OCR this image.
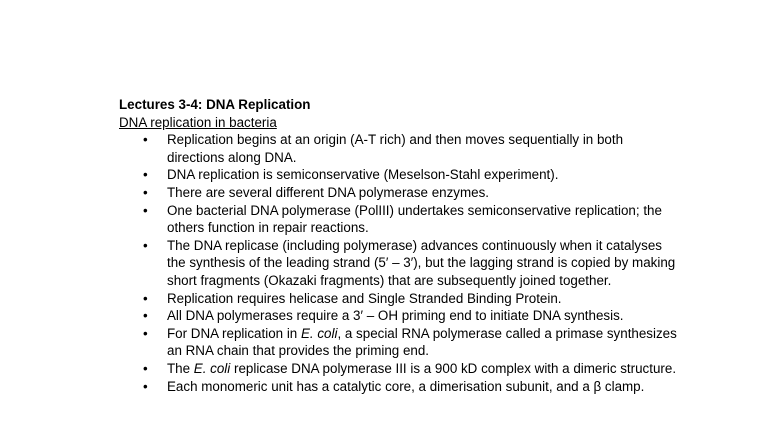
Lectures 3-4: DNA Replication
DNA replication in bacteria
•	Replication begins at an origin (A-T rich) and then moves sequentially in both directions along DNA.
•	DNA replication is semiconservative (Meselson-Stahl experiment).
•	There are several different DNA polymerase enzymes.
•	One bacterial DNA polymerase (PolIII) undertakes semiconservative replication; the others function in repair reactions.
•	The DNA replicase (including polymerase) advances continuously when it catalyses the synthesis of the leading strand (5′ – 3′), but the lagging strand is copied by making short fragments (Okazaki fragments) that are subsequently joined together.
•	Replication requires helicase and Single Stranded Binding Protein.
•	All DNA polymerases require a 3′ – OH priming end to initiate DNA synthesis.
•	For DNA replication in E. coli, a special RNA polymerase called a primase synthesizes an RNA chain that provides the priming end.
•	The E. coli replicase DNA polymerase III is a 900 kD complex with a dimeric structure.
•	Each monomeric unit has a catalytic core, a dimerisation subunit, and a β clamp.
